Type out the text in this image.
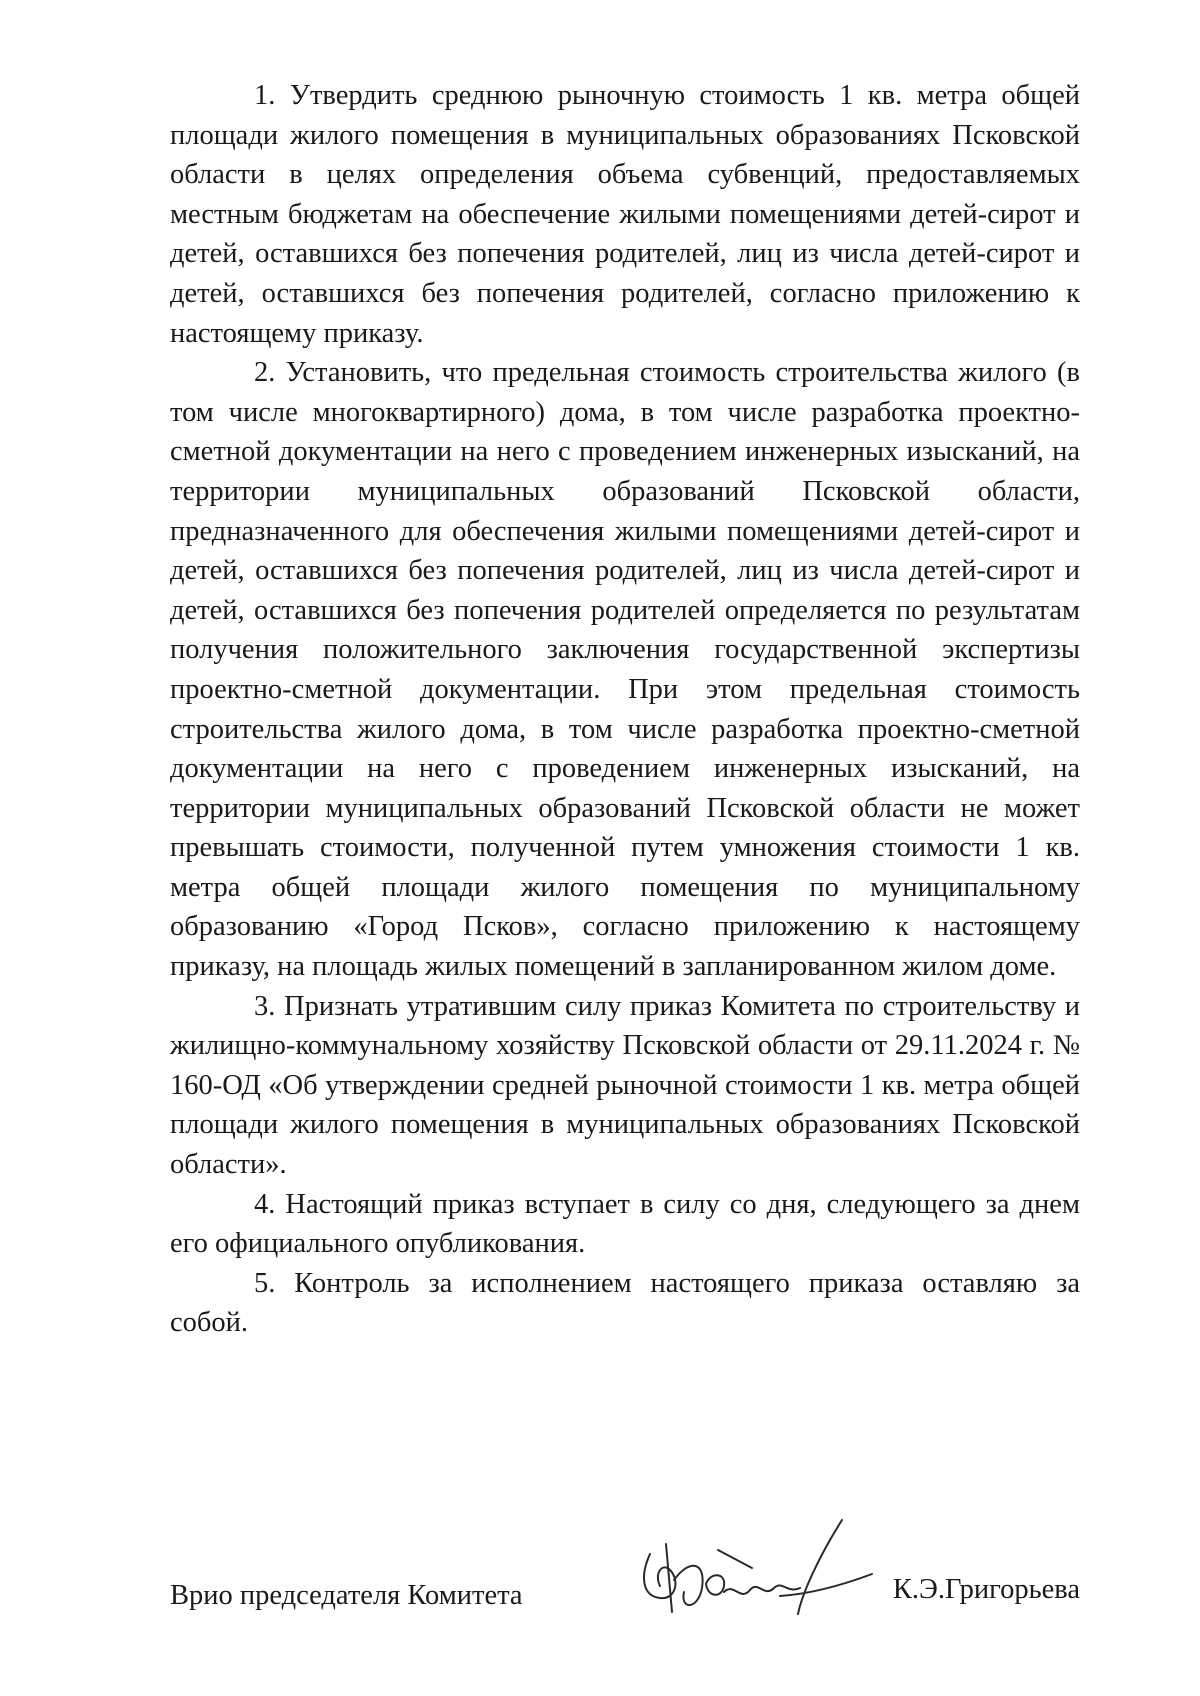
1. Утвердить среднюю рыночную стоимость 1 кв. метра общей площади жилого помещения в муниципальных образованиях Псковской области в целях определения объема субвенций, предоставляемых местным бюджетам на обеспечение жилыми помещениями детей-сирот и детей, оставшихся без попечения родителей, лиц из числа детей-сирот и детей, оставшихся без попечения родителей, согласно приложению к настоящему приказу.

2. Установить, что предельная стоимость строительства жилого (в том числе многоквартирного) дома, в том числе разработка проектно-сметной документации на него с проведением инженерных изысканий, на территории муниципальных образований Псковской области, предназначенного для обеспечения жилыми помещениями детей-сирот и детей, оставшихся без попечения родителей, лиц из числа детей-сирот и детей, оставшихся без попечения родителей определяется по результатам получения положительного заключения государственной экспертизы проектно-сметной документации. При этом предельная стоимость строительства жилого дома, в том числе разработка проектно-сметной документации на него с проведением инженерных изысканий, на территории муниципальных образований Псковской области не может превышать стоимости, полученной путем умножения стоимости 1 кв. метра общей площади жилого помещения по муниципальному образованию «Город Псков», согласно приложению к настоящему приказу, на площадь жилых помещений в запланированном жилом доме.

3. Признать утратившим силу приказ Комитета по строительству и жилищно-коммунальному хозяйству Псковской области от 29.11.2024 г. № 160-ОД «Об утверждении средней рыночной стоимости 1 кв. метра общей площади жилого помещения в муниципальных образованиях Псковской области».

4. Настоящий приказ вступает в силу со дня, следующего за днем его официального опубликования.

5. Контроль за исполнением настоящего приказа оставляю за собой.

Врио председателя Комитета	К.Э.Григорьева
